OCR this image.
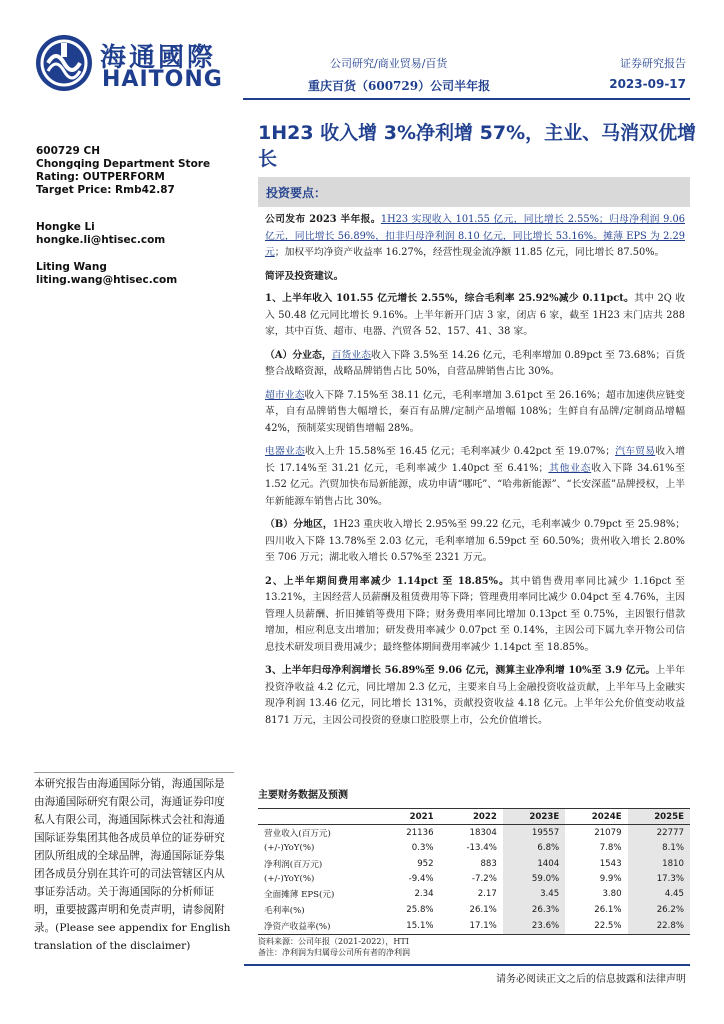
海通國際
HAITONG
公司研究/商业贸易/百货
重庆百货（600729）公司半年报
证券研究报告
2023-09-17
600729 CH
Chongqing Department Store
Rating: OUTPERFORM
Target Price: Rmb42.87
Hongke Li
hongke.li@htisec.com
Liting Wang
liting.wang@htisec.com
本研究报告由海通国际分销，海通国际是由海通国际研究有限公司，海通证券印度私人有限公司，海通国际株式会社和海通国际证券集团其他各成员单位的证券研究团队所组成的全球品牌，海通国际证券集团各成员分别在其许可的司法管辖区内从事证券活动。关于海通国际的分析师证明，重要披露声明和免责声明，请参阅附录。(Please see appendix for English translation of the disclaimer)
1H23 收入增 3%净利增 57%，主业、马消双优增长
投资要点：

公司发布 2023 半年报。1H23 实现收入 101.55 亿元，同比增长 2.55%；归母净利润 9.06 亿元，同比增长 56.89%，扣非归母净利润 8.10 亿元，同比增长 53.16%。摊薄 EPS 为 2.29 元；加权平均净资产收益率 16.27%，经营性现金流净额 11.85 亿元，同比增长 87.50%。

简评及投资建议。

1、上半年收入 101.55 亿元增长 2.55%，综合毛利率 25.92%减少 0.11pct。其中 2Q 收入 50.48 亿元同比增长 9.16%。上半年新开门店 3 家，闭店 6 家，截至 1H23 末门店共 288 家，其中百货、超市、电器、汽贸各 52、157、41、38 家。

（A）分业态，百货业态收入下降 3.5%至 14.26 亿元，毛利率增加 0.89pct 至 73.68%；百货整合战略资源，战略品牌销售占比 50%，自营品牌销售占比 30%。

超市业态收入下降 7.15%至 38.11 亿元，毛利率增加 3.61pct 至 26.16%；超市加速供应链变革，自有品牌销售大幅增长，秦百有品牌/定制产品增幅 108%；生鲜自有品牌/定制商品增幅 42%，预制菜实现销售增幅 28%。

电器业态收入上升 15.58%至 16.45 亿元；毛利率减少 0.42pct 至 19.07%；汽车贸易收入增长 17.14%至 31.21 亿元，毛利率减少 1.40pct 至 6.41%；其他业态收入下降 34.61%至 1.52 亿元。汽贸加快布局新能源，成功申请“哪吒”、“哈弗新能源”、“长安深蓝”品牌授权，上半年新能源车销售占比 30%。

（B）分地区，1H23 重庆收入增长 2.95%至 99.22 亿元，毛利率减少 0.79pct 至 25.98%；四川收入下降 13.78%至 2.03 亿元，毛利率增加 6.59pct 至 60.50%；贵州收入增长 2.80%至 706 万元；湖北收入增长 0.57%至 2321 万元。

2、上半年期间费用率减少 1.14pct 至 18.85%。其中销售费用率同比减少 1.16pct 至 13.21%，主因经营人员薪酬及租赁费用等下降；管理费用率同比减少 0.04pct 至 4.76%，主因管理人员薪酬、折旧摊销等费用下降；财务费用率同比增加 0.13pct 至 0.75%，主因银行借款增加，相应利息支出增加；研发费用率减少 0.07pct 至 0.14%，主因公司下属九幸开物公司信息技术研发项目费用减少；最终整体期间费用率减少 1.14pct 至 18.85%。

3、上半年归母净利润增长 56.89%至 9.06 亿元，测算主业净利增 10%至 3.9 亿元。上半年投资净收益 4.2 亿元，同比增加 2.3 亿元，主要来自马上金融投资收益贡献，上半年马上金融实现净利润 13.46 亿元，同比增长 131%，贡献投资收益 4.18 亿元。上半年公允价值变动收益 8171 万元，主因公司投资的登康口腔股票上市，公允价值增长。

主要财务数据及预测
	2021	2022	2023E	2024E	2025E
营业收入(百万元)	21136	18304	19557	21079	22777
(+/-)YoY(%)	0.3%	-13.4%	6.8%	7.8%	8.1%
净利润(百万元)	952	883	1404	1543	1810
(+/-)YoY(%)	-9.4%	-7.2%	59.0%	9.9%	17.3%
全面摊薄 EPS(元)	2.34	2.17	3.45	3.80	4.45
毛利率(%)	25.8%	26.1%	26.3%	26.1%	26.2%
净资产收益率(%)	15.1%	17.1%	23.6%	22.5%	22.8%
资料来源：公司年报（2021-2022），HTI
备注：净利润为归属母公司所有者的净利润
请务必阅读正文之后的信息披露和法律声明
